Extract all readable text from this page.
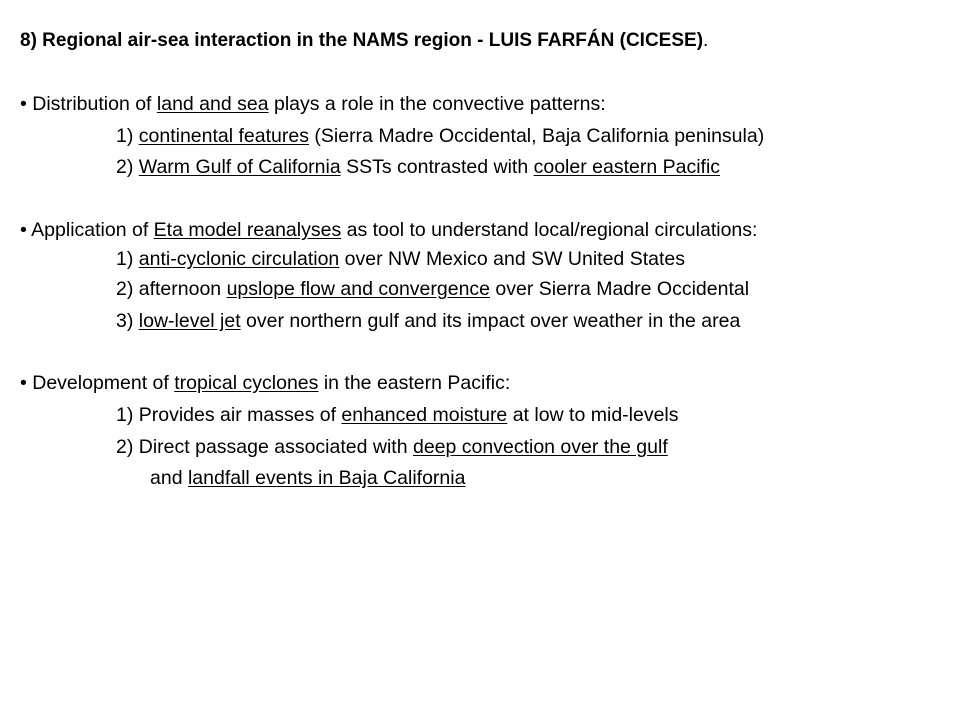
8) Regional air-sea interaction in the NAMS region - LUIS FARFÁN (CICESE).
• Distribution of land and sea plays a role in the convective patterns:
1) continental features (Sierra Madre Occidental, Baja California peninsula)
2) Warm Gulf of California SSTs contrasted with cooler eastern Pacific
• Application of Eta model reanalyses as tool to understand local/regional circulations:
1) anti-cyclonic circulation over NW Mexico and SW United States
2) afternoon upslope flow and convergence over Sierra Madre Occidental
3) low-level jet over northern gulf and its impact over weather in the area
• Development of tropical cyclones in the eastern Pacific:
1) Provides air masses of enhanced moisture at low to mid-levels
2) Direct passage associated with deep convection over the gulf
and landfall events in Baja California
